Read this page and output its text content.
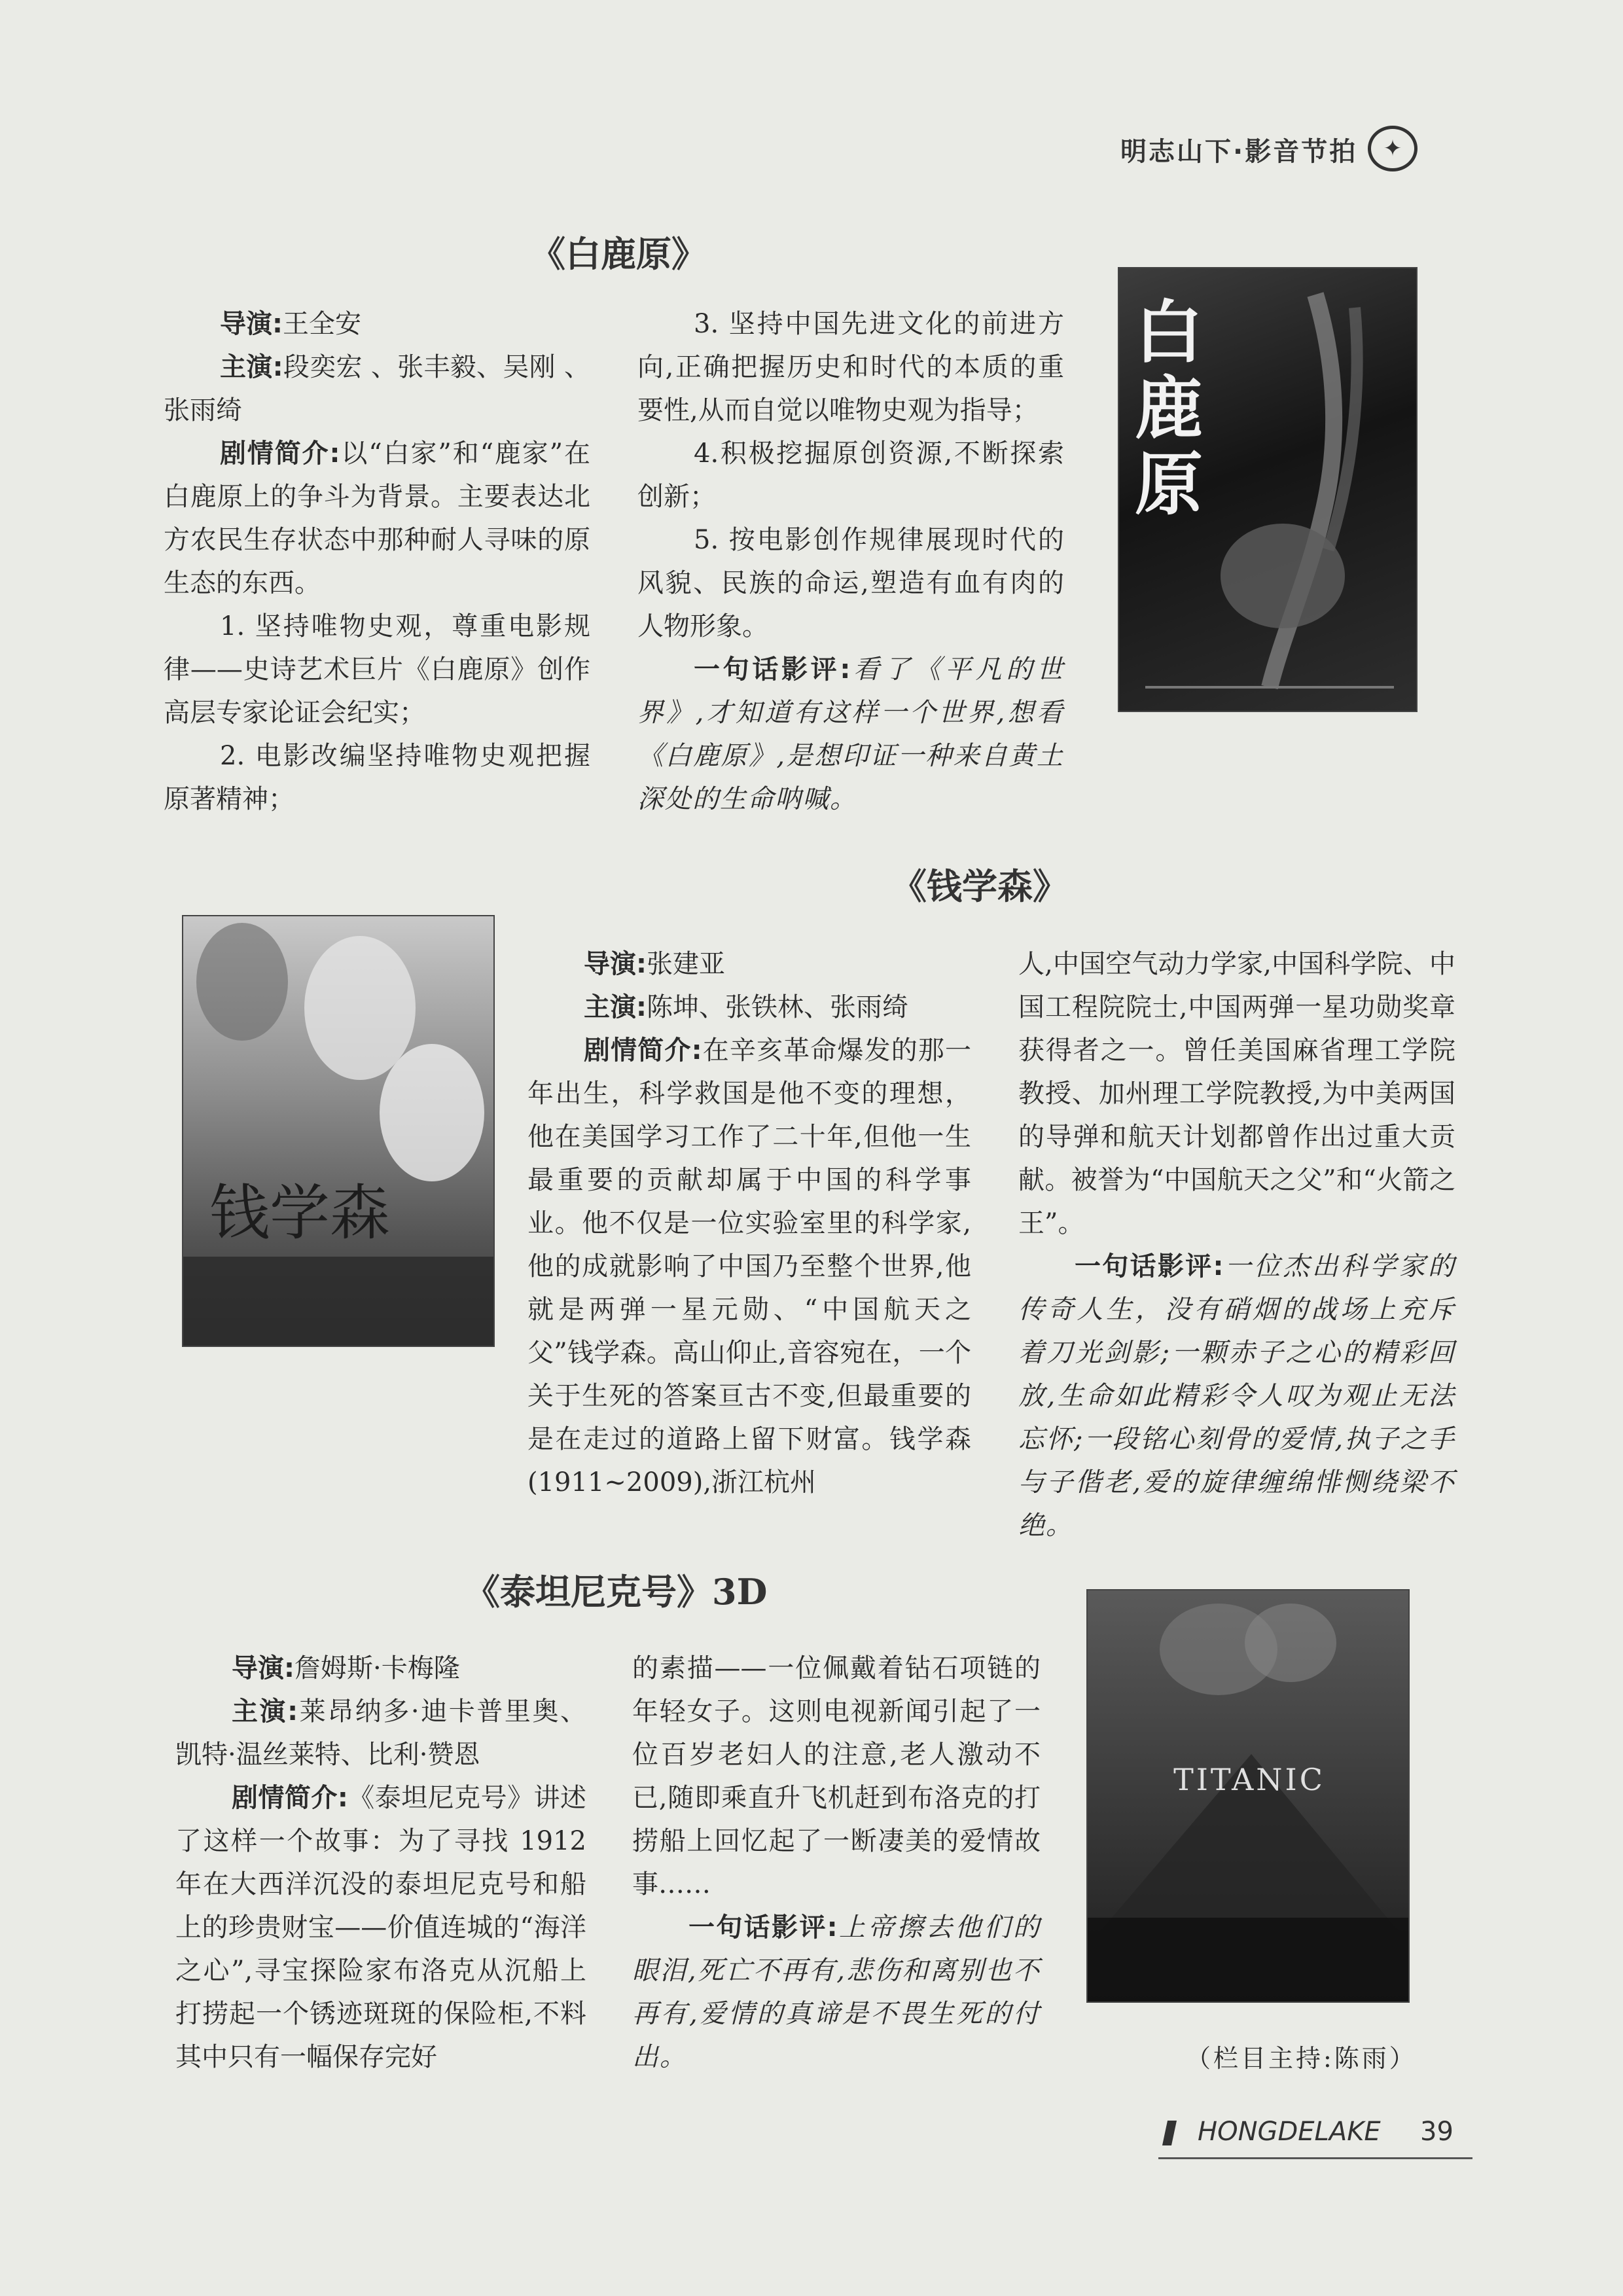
明志山下·影音节拍	✦
《白鹿原》

导演:王全安

主演:段奕宏 、张丰毅、吴刚 、张雨绮

剧情简介:以“白家”和“鹿家”在白鹿原上的争斗为背景。主要表达北方农民生存状态中那种耐人寻味的原生态的东西。

1. 坚持唯物史观，尊重电影规律——史诗艺术巨片《白鹿原》创作高层专家论证会纪实；

2. 电影改编坚持唯物史观把握原著精神；

3. 坚持中国先进文化的前进方向,正确把握历史和时代的本质的重要性,从而自觉以唯物史观为指导；

4.积极挖掘原创资源,不断探索创新；

5. 按电影创作规律展现时代的风貌、民族的命运,塑造有血有肉的人物形象。

一句话影评:看了《平凡的世界》,才知道有这样一个世界,想看《白鹿原》,是想印证一种来自黄土深处的生命呐喊。

白鹿原
《钱学森》
钱学森

导演:张建亚

主演:陈坤、张铁林、张雨绮

剧情简介:在辛亥革命爆发的那一年出生，科学救国是他不变的理想，他在美国学习工作了二十年,但他一生最重要的贡献却属于中国的科学事业。他不仅是一位实验室里的科学家,他的成就影响了中国乃至整个世界,他就是两弹一星元勋、“中国航天之父”钱学森。高山仰止,音容宛在，一个关于生死的答案亘古不变,但最重要的是在走过的道路上留下财富。钱学森(1911~2009),浙江杭州

人,中国空气动力学家,中国科学院、中国工程院院士,中国两弹一星功勋奖章获得者之一。曾任美国麻省理工学院教授、加州理工学院教授,为中美两国的导弹和航天计划都曾作出过重大贡献。被誉为“中国航天之父”和“火箭之王”。

一句话影评:一位杰出科学家的传奇人生，没有硝烟的战场上充斥着刀光剑影;一颗赤子之心的精彩回放,生命如此精彩令人叹为观止无法忘怀;一段铭心刻骨的爱情,执子之手与子偕老,爱的旋律缠绵悱恻绕梁不绝。

《泰坦尼克号》3D

导演:詹姆斯·卡梅隆

主演:莱昂纳多·迪卡普里奥、凯特·温丝莱特、比利·赞恩

剧情简介:《泰坦尼克号》讲述了这样一个故事：为了寻找 1912年在大西洋沉没的泰坦尼克号和船上的珍贵财宝——价值连城的“海洋之心”,寻宝探险家布洛克从沉船上打捞起一个锈迹斑斑的保险柜,不料其中只有一幅保存完好

的素描——一位佩戴着钻石项链的年轻女子。这则电视新闻引起了一位百岁老妇人的注意,老人激动不已,随即乘直升飞机赶到布洛克的打捞船上回忆起了一断凄美的爱情故事……

一句话影评:上帝擦去他们的眼泪,死亡不再有,悲伤和离别也不再有,爱情的真谛是不畏生死的付出。

TITANIC
（栏目主持:陈雨）
HONGDELAKE 39
